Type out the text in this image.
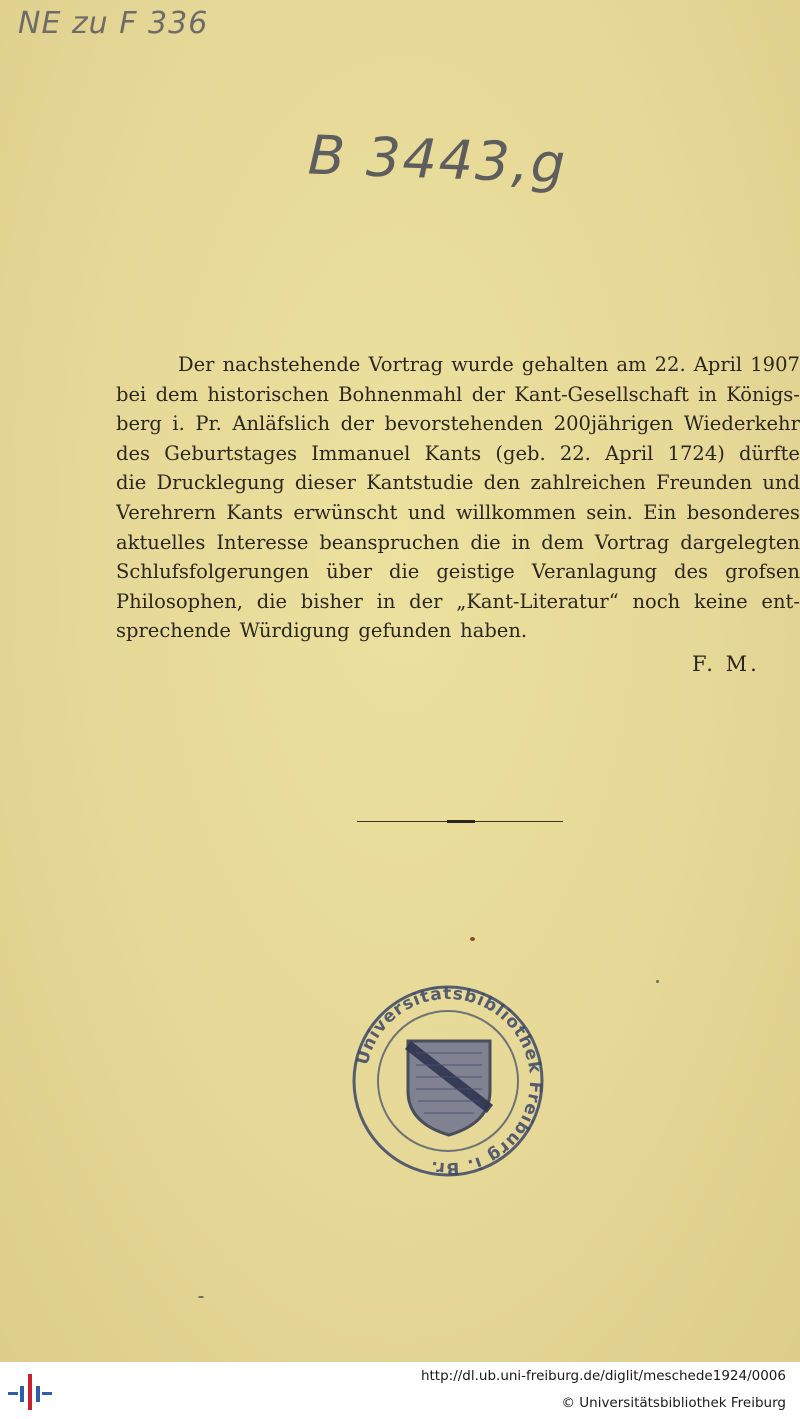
NE zu F 336
B 3443,g
Der nachstehende Vortrag wurde gehalten am 22. April 1907
bei dem historischen Bohnenmahl der Kant-Gesellschaft in Königs-
berg i. Pr. Anläfslich der bevorstehenden 200jährigen Wiederkehr
des Geburtstages Immanuel Kants (geb. 22. April 1724) dürfte
die Drucklegung dieser Kantstudie den zahlreichen Freunden und
Verehrern Kants erwünscht und willkommen sein. Ein besonderes
aktuelles Interesse beanspruchen die in dem Vortrag dargelegten
Schlufsfolgerungen über die geistige Veranlagung des grofsen
Philosophen, die bisher in der „Kant-Literatur“ noch keine ent-
sprechende Würdigung gefunden haben.
F. M.
Universitätsbibliothek Freiburg i. Br.
http://dl.ub.uni-freiburg.de/diglit/meschede1924/0006
© Universitätsbibliothek Freiburg
